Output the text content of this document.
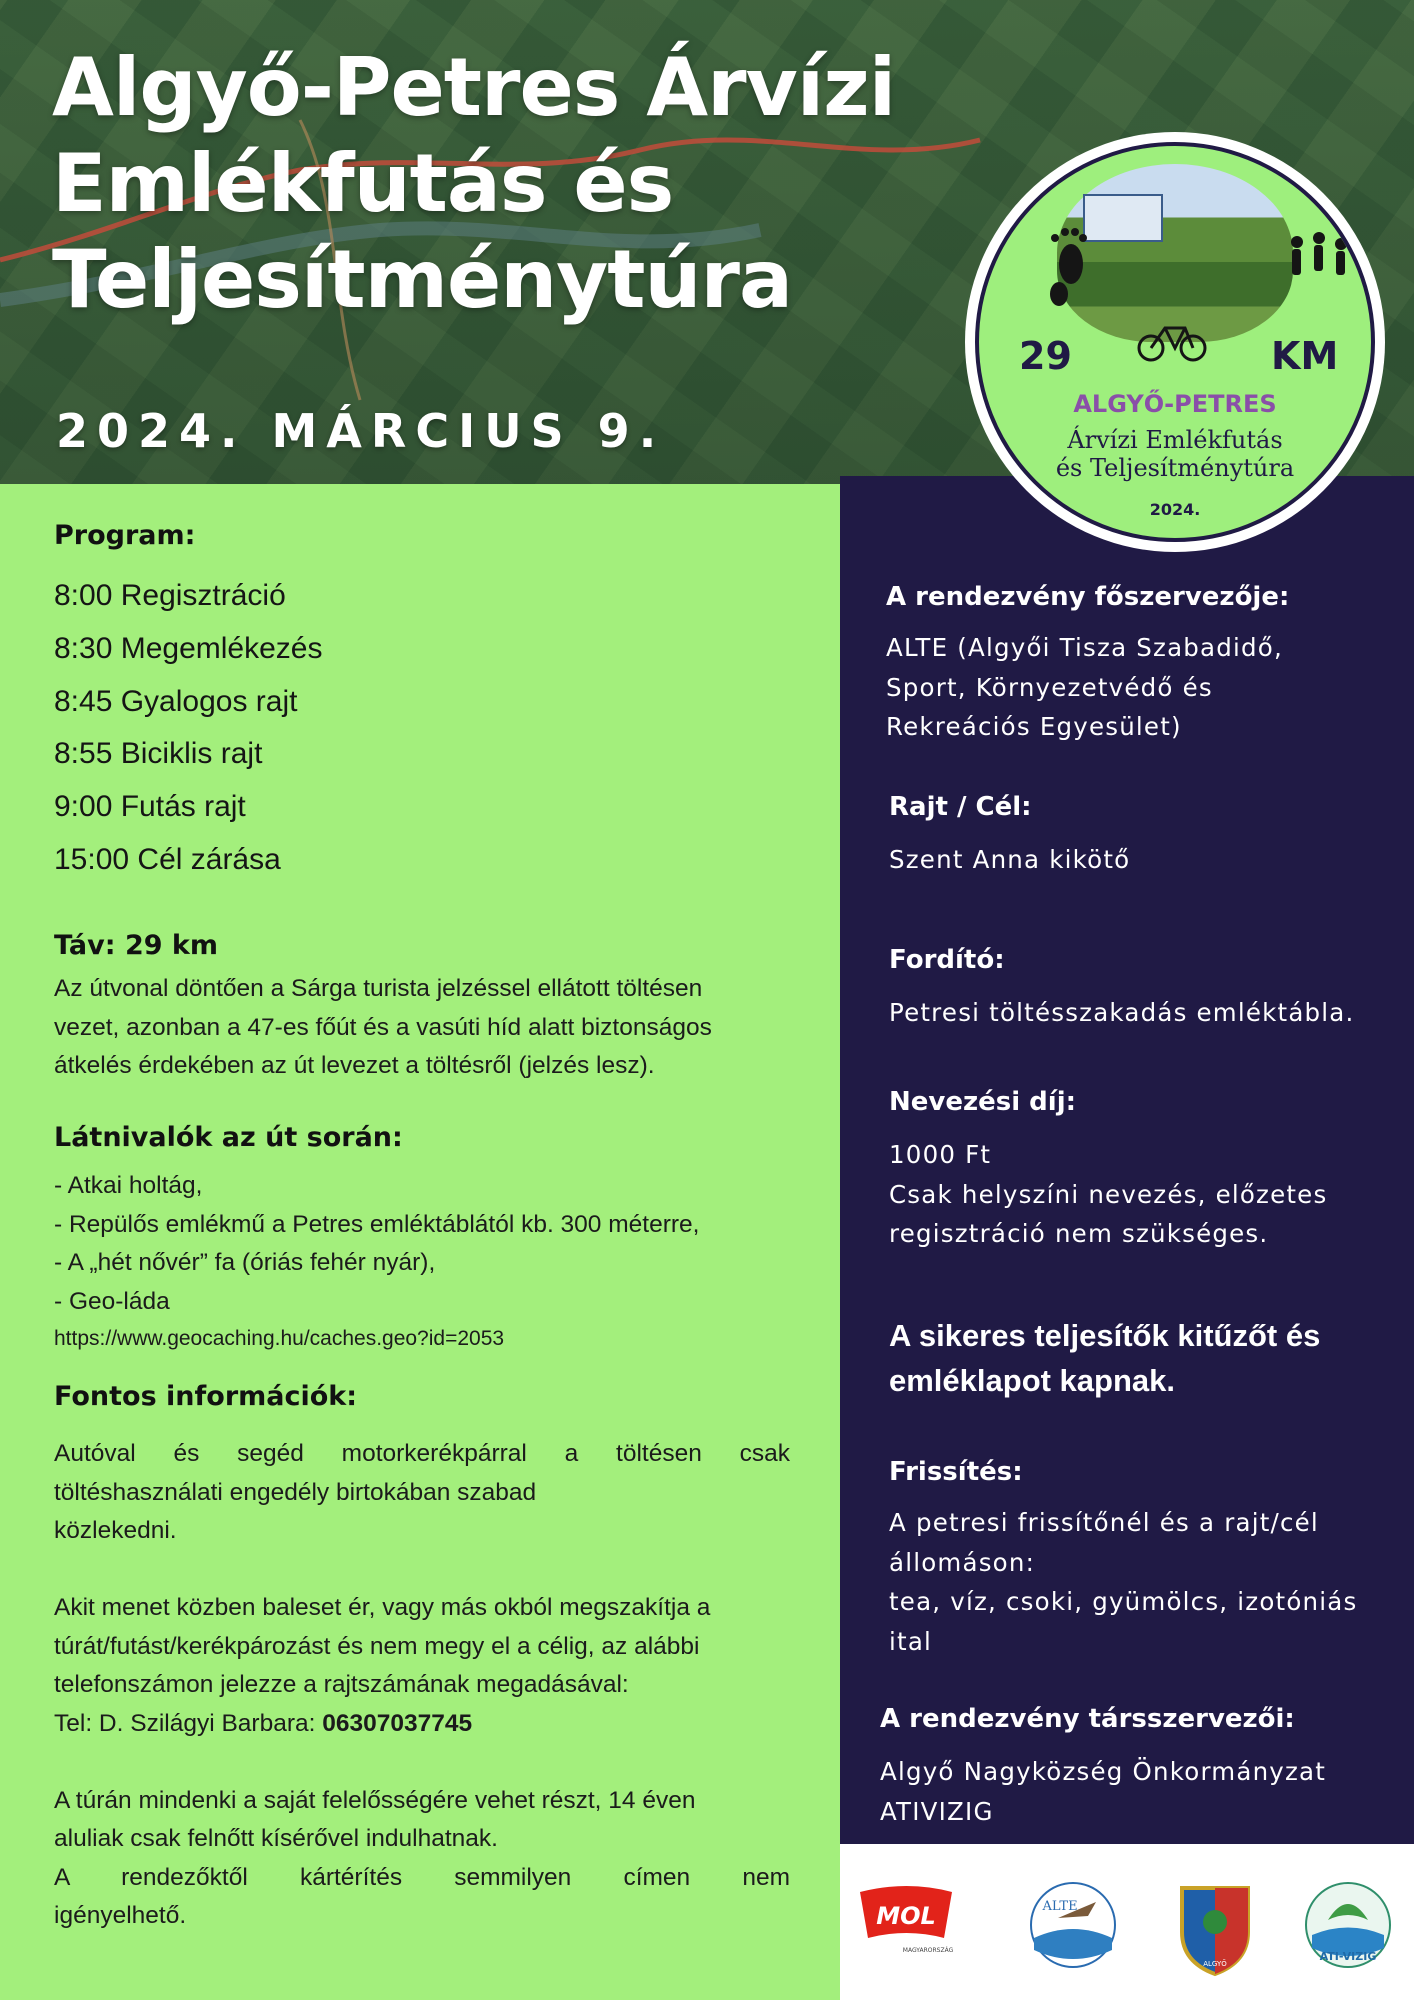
Algyő-Petres Árvízi
Emlékfutás és
Teljesítménytúra
2024. MÁRCIUS 9.
29	KM
ALGYŐ-PETRES
Árvízi Emlékfutás
és Teljesítménytúra
2024.
Program:
8:00 Regisztráció
8:30 Megemlékezés
8:45 Gyalogos rajt
8:55 Biciklis rajt
9:00 Futás rajt
15:00 Cél zárása
Táv: 29 km
Az útvonal döntően a Sárga turista jelzéssel ellátott töltésen
vezet, azonban a 47-es főút és a vasúti híd alatt biztonságos
átkelés érdekében az út levezet a töltésről (jelzés lesz).
Látnivalók az út során:
- Atkai holtág,
- Repülős emlékmű a Petres emléktáblától kb. 300 méterre,
- A „hét nővér” fa (óriás fehér nyár),
- Geo-láda
https://www.geocaching.hu/caches.geo?id=2053
Fontos információk:
Autóval és segéd motorkerékpárral a töltésen csak
töltéshasználati engedély birtokában szabad
közlekedni.
Akit menet közben baleset ér, vagy más okból megszakítja a
túrát/futást/kerékpározást és nem megy el a célig, az alábbi
telefonszámon jelezze a rajtszámának megadásával:
Tel: D. Szilágyi Barbara: 06307037745
A túrán mindenki a saját felelősségére vehet részt, 14 éven
aluliak csak felnőtt kísérővel indulhatnak.
A rendezőktől kártérítés semmilyen címen nem
igényelhető.
A rendezvény főszervezője:
ALTE (Algyői Tisza Szabadidő,
Sport, Környezetvédő és
Rekreációs Egyesület)
Rajt / Cél:
Szent Anna kikötő
Fordító:
Petresi töltésszakadás emléktábla.
Nevezési díj:
1000 Ft
Csak helyszíni nevezés, előzetes
regisztráció nem szükséges.
A sikeres teljesítők kitűzőt és
emléklapot kapnak.
Frissítés:
A petresi frissítőnél és a rajt/cél
állomáson:
tea, víz, csoki, gyümölcs, izotóniás
ital
A rendezvény társszervezői:
Algyő Nagyközség Önkormányzat
ATIVIZIG
MOL
MAGYARORSZÁG
ALTE
ALGYŐ
ATI-VIZIG
